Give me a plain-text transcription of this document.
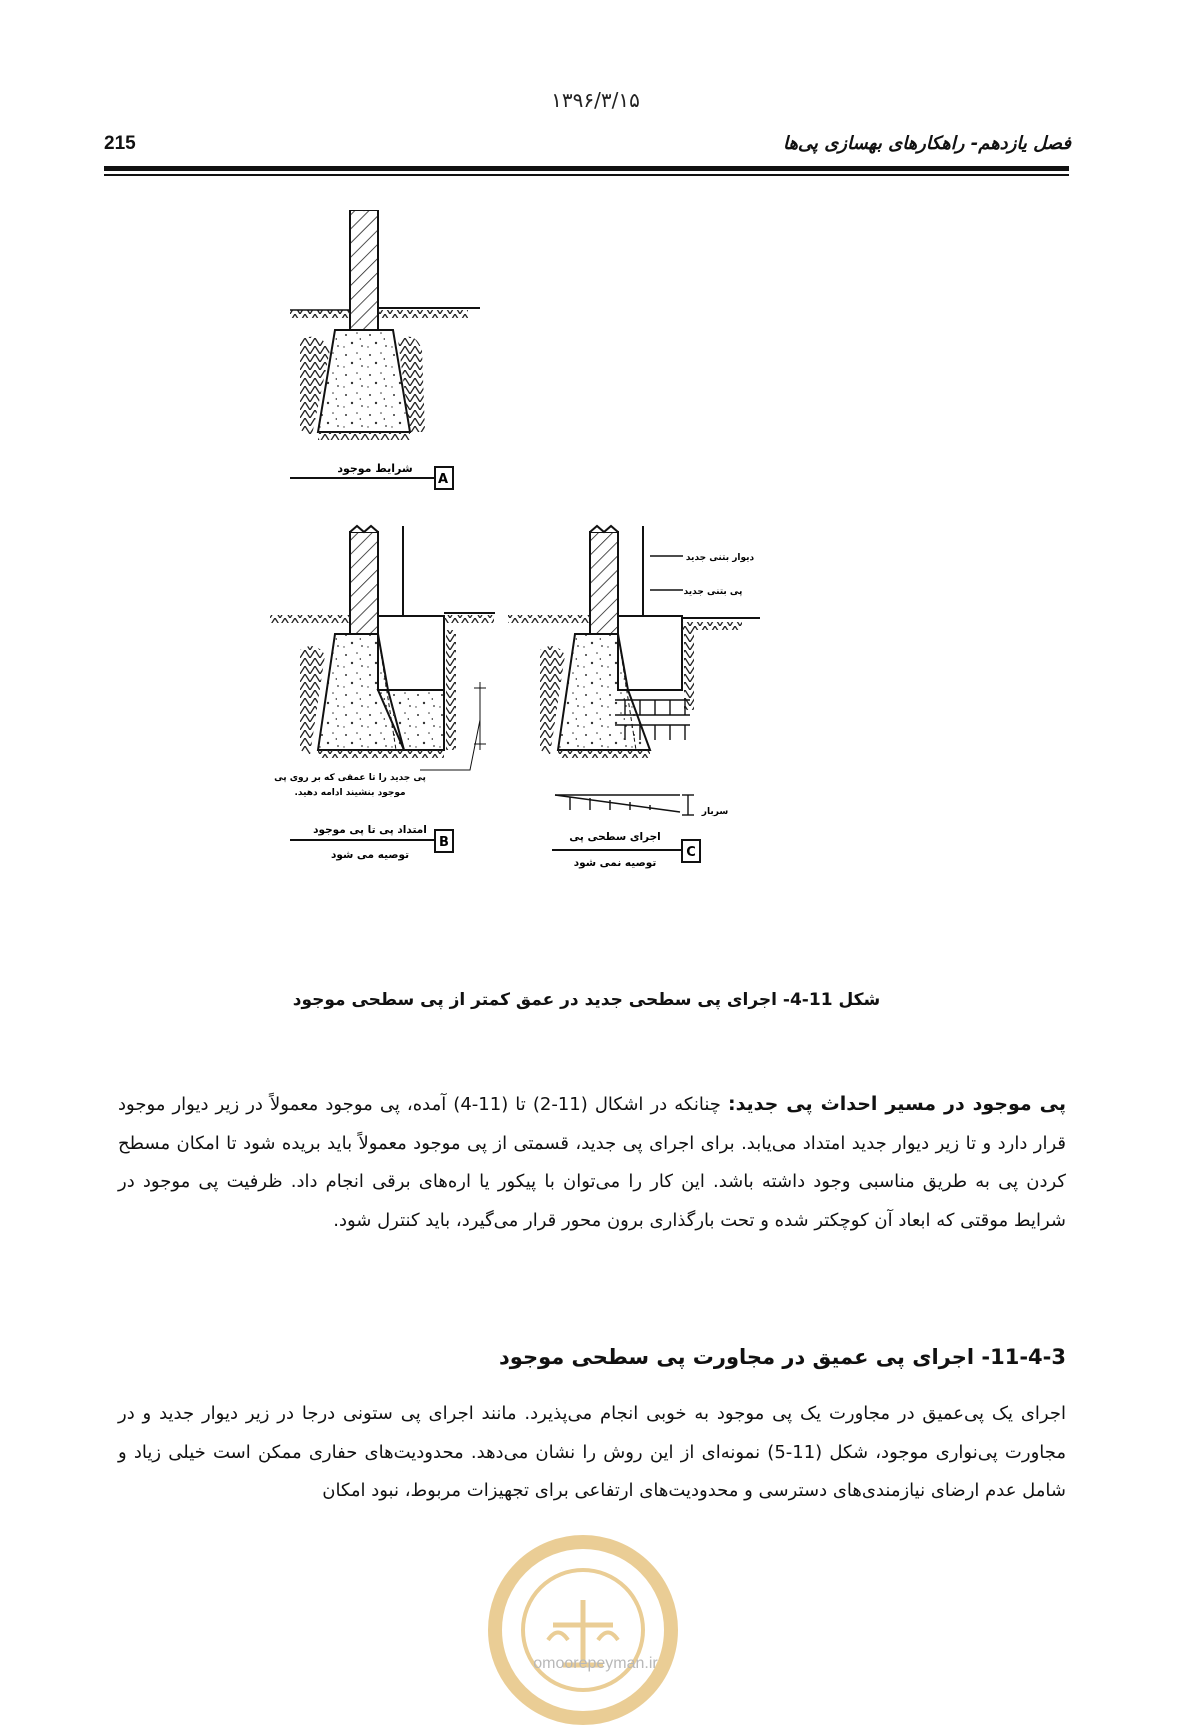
۱۳۹۶/۳/۱۵
215	فصل یازدهم- راهکارهای بهسازی پی‌ها
A
شرایط موجود
B
امتداد پی تا پی موجود
توصیه می شود
پی جدید را تا عمقی که بر روی پی
موجود بنشیند ادامه دهید.
C
اجرای سطحی پی
توصیه نمی شود
دیوار بتنی جدید
پی بتنی جدید
سربار
شکل 11-4- اجرای پی سطحی جدید در عمق کمتر از پی سطحی موجود
پی موجود در مسیر احداث پی جدید: چنانکه در اشکال (11-2) تا (11-4) آمده، پی موجود معمولاً در زیر دیوار موجود قرار دارد و تا زیر دیوار جدید امتداد می‌یابد. برای اجرای پی جدید، قسمتی از پی موجود معمولاً باید بریده شود تا امکان مسطح کردن پی به طریق مناسبی وجود داشته باشد. این کار را می‌توان با پیکور یا اره‌های برقی انجام داد. ظرفیت پی موجود در شرایط موقتی که ابعاد آن کوچکتر شده و تحت بارگذاری برون محور قرار می‌گیرد، باید کنترل شود.
11-4-3- اجرای پی عمیق در مجاورت پی سطحی موجود
اجرای یک پی‌عمیق در مجاورت یک پی موجود به خوبی انجام می‌پذیرد. مانند اجرای پی ستونی درجا در زیر دیوار جدید و در مجاورت پی‌نواری موجود، شکل (11-5) نمونه‌ای از این روش را نشان می‌دهد. محدودیت‌های حفاری ممکن است خیلی زیاد و شامل عدم ارضای نیازمندی‌های دسترسی و محدودیت‌های ارتفاعی برای تجهیزات مربوط، نبود امکان
omoorepeyman.ir
